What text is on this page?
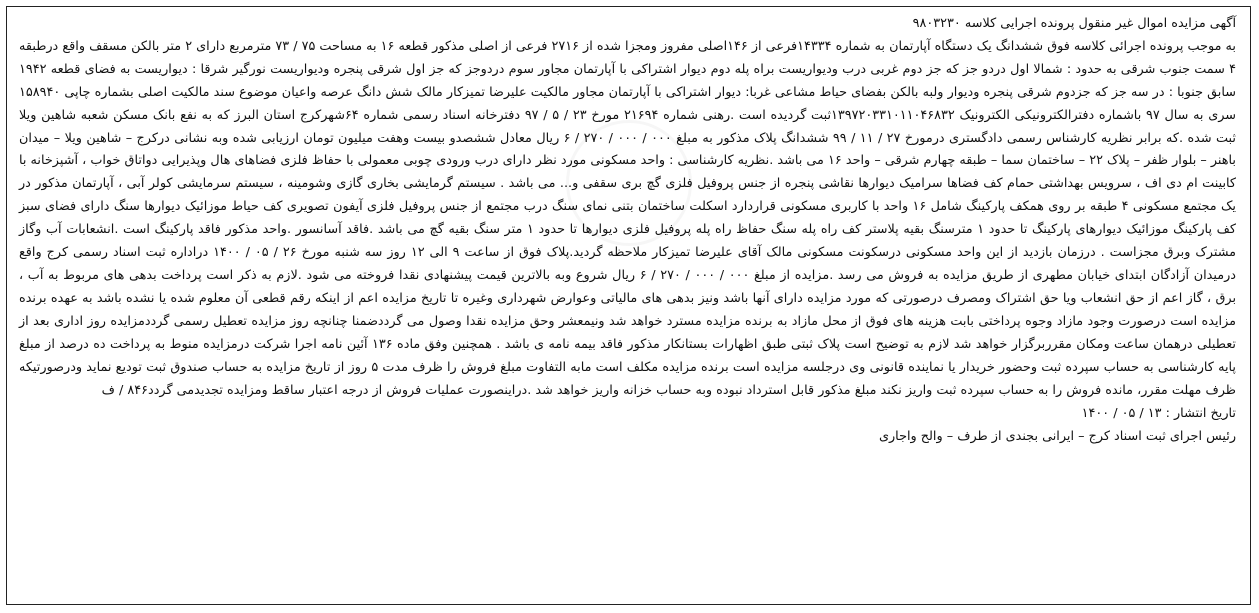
آگهی مزایده اموال غیر منقول پرونده اجرایی کلاسه ۹۸۰۳۲۳۰

به موجب پرونده اجرائی کلاسه فوق ششدانگ یک دستگاه آپارتمان به شماره ۱۴۳۳۴فرعی از ۱۴۶اصلی مفروز ومجزا شده از ۲۷۱۶ فرعی از اصلی مذکور قطعه ۱۶ به مساحت ۷۵ / ۷۳ مترمربع دارای ۲ متر بالکن مسقف واقع درطبقه ۴ سمت جنوب شرقی به حدود : شمالا اول دردو جز که جز دوم غربی درب ودیواریست براه پله دوم دیوار اشتراکی با آپارتمان مجاور سوم دردوجز که جز اول شرقی پنجره ودیواریست نورگیر شرقا : دیواریست به فضای قطعه ۱۹۴۲ سابق جنوبا : در سه جز که جزدوم شرقی پنجره ودیوار ولبه بالکن بفضای حیاط مشاعی غربا: دیوار اشتراکی با آپارتمان مجاور مالکیت علیرضا تمیزکار مالک شش دانگ عرصه واعیان موضوع سند مالکیت اصلی بشماره چاپی ۱۵۸۹۴۰ سری به سال ۹۷ باشماره دفترالکترونیکی الکترونیک ۱۳۹۷۲۰۳۳۱۰۱۱۰۴۶۸۳۲ثبت گردیده است .رهنی شماره ۲۱۶۹۴ مورخ ۲۳ / ۵ / ۹۷ دفترخانه اسناد رسمی شماره ۶۴شهرکرج استان البرز که به نفع بانک مسکن شعبه شاهین ویلا ثبت شده .که برابر نظریه کارشناس رسمی دادگستری درمورخ ۲۷ / ۱۱ / ۹۹ ششدانگ پلاک مذکور به مبلغ ۰۰۰ / ۰۰۰ / ۲۷۰ / ۶ ریال معادل ششصدو بیست وهفت میلیون تومان ارزیابی شده وبه نشانی درکرج – شاهین ویلا – میدان باهنر – بلوار ظفر – پلاک ۲۲ – ساختمان سما – طبقه چهارم شرقی – واحد ۱۶ می باشد .نظریه کارشناسی : واحد مسکونی مورد نظر دارای درب ورودی چوبی معمولی با حفاظ فلزی فضاهای هال وپذیرایی دواتاق خواب ، آشپزخانه با کابینت ام دی اف ، سرویس بهداشتی حمام کف فضاها سرامیک دیوارها نقاشی پنجره از جنس پروفیل فلزی گچ بری سقفی و... می باشد . سیستم گرمایشی بخاری گازی وشومینه ، سیستم سرمایشی کولر آبی ، آپارتمان مذکور در یک مجتمع مسکونی ۴ طبقه بر روی همکف پارکینگ شامل ۱۶ واحد با کاربری مسکونی قراردارد اسکلت ساختمان بتنی نمای سنگ درب مجتمع از جنس پروفیل فلزی آیفون تصویری کف حیاط موزائیک دیوارها سنگ دارای فضای سبز کف پارکینگ موزائیک دیوارهای پارکینگ تا حدود ۱ مترسنگ بقیه پلاستر کف راه پله سنگ حفاظ راه پله پروفیل فلزی دیوارها تا حدود ۱ متر سنگ بقیه گچ می باشد .فاقد آسانسور .واحد مذکور فاقد پارکینگ است .انشعابات آب وگاز مشترک وبرق مجزاست . درزمان بازدید از این واحد مسکونی درسکونت مسکونی مالک آقای علیرضا تمیزکار ملاحظه گردید.پلاک فوق از ساعت ۹ الی ۱۲ روز سه شنبه مورخ ۲۶ / ۰۵ / ۱۴۰۰ دراداره ثبت اسناد رسمی کرج واقع درمیدان آزادگان ابتدای خیابان مطهری از طریق مزایده به فروش می رسد .مزایده از مبلغ ۰۰۰ / ۰۰۰ / ۲۷۰ / ۶ ریال شروع وبه بالاترین قیمت پیشنهادی نقدا فروخته می شود .لازم به ذکر است پرداخت بدهی های مربوط به آب ، برق ، گاز اعم از حق انشعاب ویا حق اشتراک ومصرف درصورتی که مورد مزایده دارای آنها باشد ونیز بدهی های مالیاتی وعوارض شهرداری وغیره تا تاریخ مزایده اعم از اینکه رقم قطعی آن معلوم شده یا نشده باشد به عهده برنده مزایده است درصورت وجود مازاد وجوه پرداختی بابت هزینه های فوق از محل مازاد به برنده مزایده مسترد خواهد شد ونیمعشر وحق مزایده نقدا وصول می گرددضمنا چنانچه روز مزایده تعطیل رسمی گرددمزایده روز اداری بعد از تعطیلی درهمان ساعت ومکان مقرربرگزار خواهد شد لازم به توضیح است پلاک ثبتی طبق اظهارات بستانکار مذکور فاقد بیمه نامه ی باشد . همچنین وفق ماده ۱۳۶ آئین نامه اجرا شرکت درمزایده منوط به پرداخت ده درصد از مبلغ پایه کارشناسی به حساب سپرده ثبت وحضور خریدار یا نماینده قانونی وی درجلسه مزایده است برنده مزایده مکلف است مابه التفاوت مبلغ فروش را ظرف مدت ۵ روز از تاریخ مزایده به حساب صندوق ثبت تودیع نماید ودرصورتیکه ظرف مهلت مقرر، مانده فروش را به حساب سپرده ثبت واریز نکند مبلغ مذکور قابل استرداد نبوده وبه حساب خزانه واریز خواهد شد .دراینصورت عملیات فروش از درجه اعتبار ساقط ومزایده تجدیدمی گردد۸۴۶ / ف

تاریخ انتشار : ۱۳ / ۰۵ / ۱۴۰۰

رئیس اجرای ثبت اسناد کرج – ایرانی بجندی از طرف – والح واجاری
